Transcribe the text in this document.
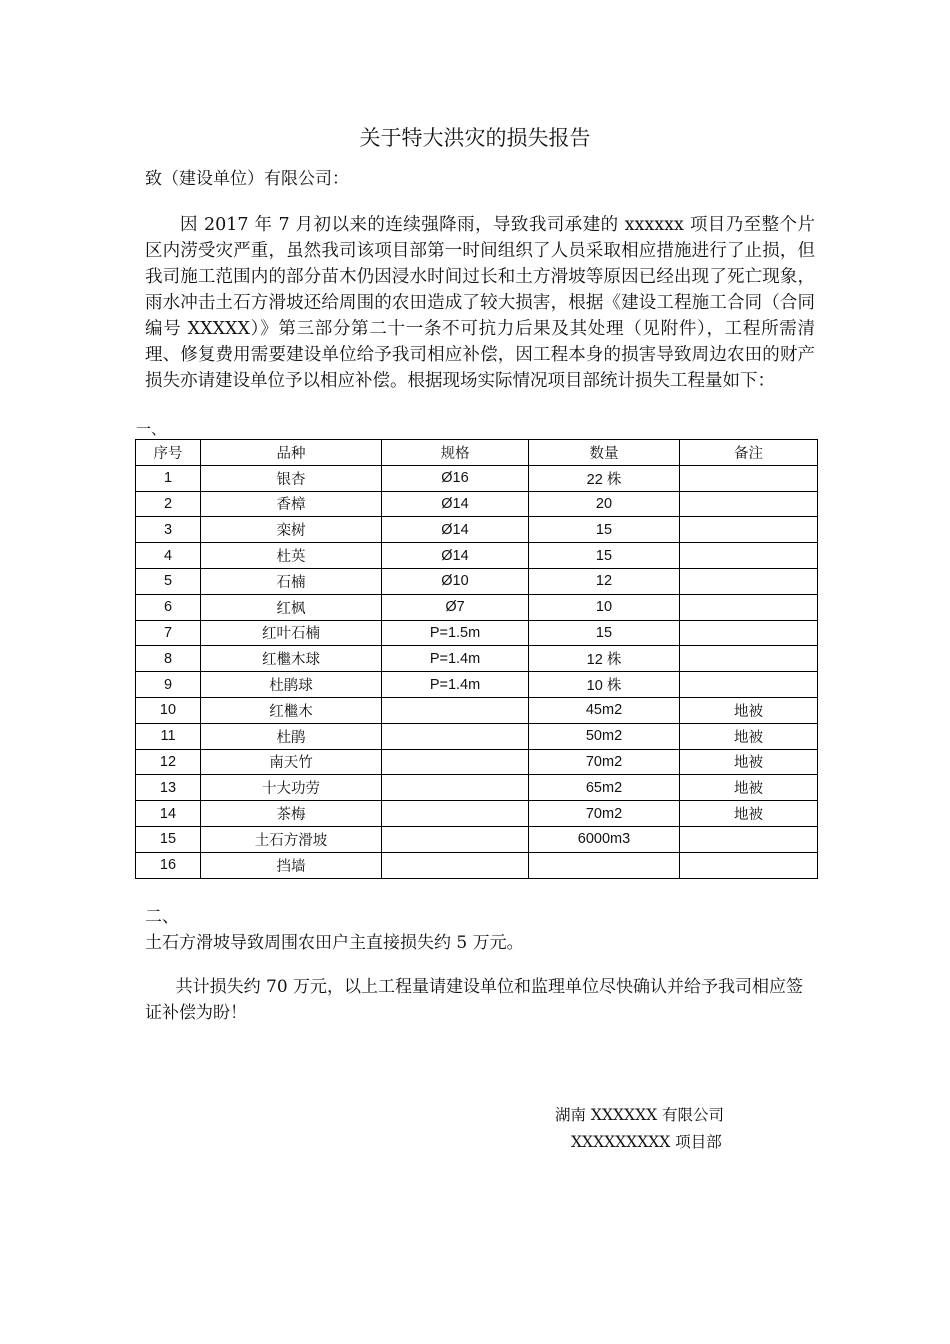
关于特大洪灾的损失报告
致（建设单位）有限公司：
因 2017 年 7 月初以来的连续强降雨，导致我司承建的 xxxxxx 项目乃至整个片区内涝受灾严重，虽然我司该项目部第一时间组织了人员采取相应措施进行了止损，但我司施工范围内的部分苗木仍因浸水时间过长和土方滑坡等原因已经出现了死亡现象，雨水冲击土石方滑坡还给周围的农田造成了较大损害，根据《建设工程施工合同（合同编号 XXXXX）》第三部分第二十一条不可抗力后果及其处理（见附件），工程所需清理、修复费用需要建设单位给予我司相应补偿，因工程本身的损害导致周边农田的财产损失亦请建设单位予以相应补偿。根据现场实际情况项目部统计损失工程量如下：
一、
序号	品种	规格	数量	备注
1	银杏	Ø16	22 株	
2	香樟	Ø14	20	
3	栾树	Ø14	15	
4	杜英	Ø14	15	
5	石楠	Ø10	12	
6	红枫	Ø7	10	
7	红叶石楠	P=1.5m	15	
8	红檵木球	P=1.4m	12 株	
9	杜鹃球	P=1.4m	10 株	
10	红檵木		45m2	地被
11	杜鹃		50m2	地被
12	南天竹		70m2	地被
13	十大功劳		65m2	地被
14	茶梅		70m2	地被
15	土石方滑坡		6000m3	
16	挡墙			
二、
土石方滑坡导致周围农田户主直接损失约 5 万元。
共计损失约 70 万元，以上工程量请建设单位和监理单位尽快确认并给予我司相应签证补偿为盼！
湖南 XXXXXX 有限公司
XXXXXXXXX 项目部
